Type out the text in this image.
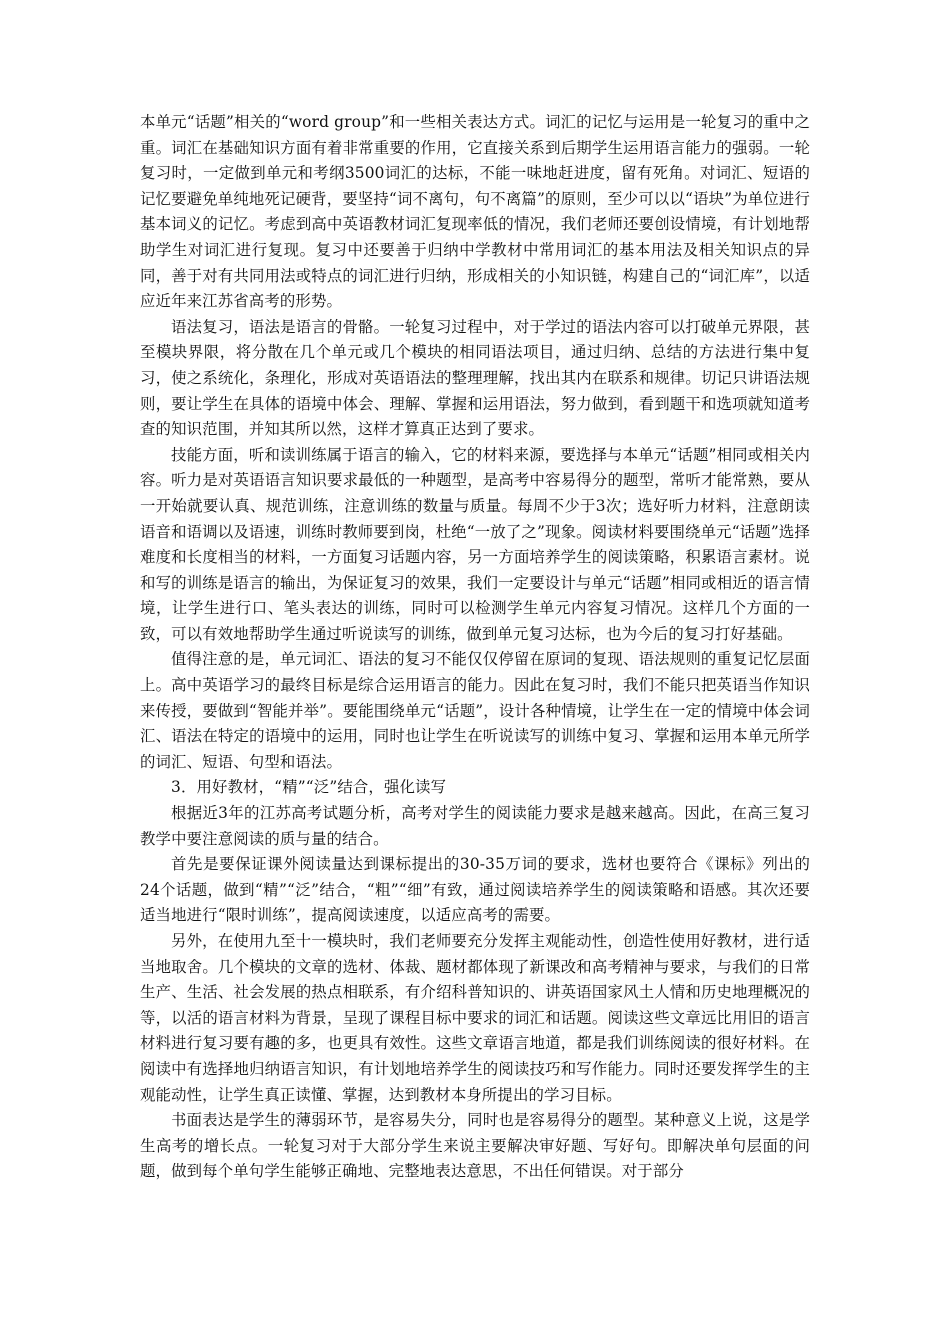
本单元“话题”相关的“word group”和一些相关表达方式。词汇的记忆与运用是一轮复习的重中之重。词汇在基础知识方面有着非常重要的作用，它直接关系到后期学生运用语言能力的强弱。一轮复习时，一定做到单元和考纲3500词汇的达标，不能一味地赶进度，留有死角。对词汇、短语的记忆要避免单纯地死记硬背，要坚持“词不离句，句不离篇”的原则，至少可以以“语块”为单位进行基本词义的记忆。考虑到高中英语教材词汇复现率低的情况，我们老师还要创设情境，有计划地帮助学生对词汇进行复现。复习中还要善于归纳中学教材中常用词汇的基本用法及相关知识点的异同，善于对有共同用法或特点的词汇进行归纳，形成相关的小知识链，构建自己的“词汇库”，以适应近年来江苏省高考的形势。

语法复习，语法是语言的骨骼。一轮复习过程中，对于学过的语法内容可以打破单元界限，甚至模块界限，将分散在几个单元或几个模块的相同语法项目，通过归纳、总结的方法进行集中复习，使之系统化，条理化，形成对英语语法的整理理解，找出其内在联系和规律。切记只讲语法规则，要让学生在具体的语境中体会、理解、掌握和运用语法，努力做到，看到题干和选项就知道考查的知识范围，并知其所以然，这样才算真正达到了要求。

技能方面，听和读训练属于语言的输入，它的材料来源，要选择与本单元“话题”相同或相关内容。听力是对英语语言知识要求最低的一种题型，是高考中容易得分的题型，常听才能常熟，要从一开始就要认真、规范训练，注意训练的数量与质量。每周不少于3次；选好听力材料，注意朗读语音和语调以及语速，训练时教师要到岗，杜绝“一放了之”现象。阅读材料要围绕单元“话题”选择难度和长度相当的材料，一方面复习话题内容，另一方面培养学生的阅读策略，积累语言素材。说和写的训练是语言的输出，为保证复习的效果，我们一定要设计与单元“话题”相同或相近的语言情境，让学生进行口、笔头表达的训练，同时可以检测学生单元内容复习情况。这样几个方面的一致，可以有效地帮助学生通过听说读写的训练，做到单元复习达标，也为今后的复习打好基础。

值得注意的是，单元词汇、语法的复习不能仅仅停留在原词的复现、语法规则的重复记忆层面上。高中英语学习的最终目标是综合运用语言的能力。因此在复习时，我们不能只把英语当作知识来传授，要做到“智能并举”。要能围绕单元“话题”，设计各种情境，让学生在一定的情境中体会词汇、语法在特定的语境中的运用，同时也让学生在听说读写的训练中复习、掌握和运用本单元所学的词汇、短语、句型和语法。

3．用好教材，“精”“泛”结合，强化读写

根据近3年的江苏高考试题分析，高考对学生的阅读能力要求是越来越高。因此，在高三复习教学中要注意阅读的质与量的结合。

首先是要保证课外阅读量达到课标提出的30-35万词的要求，选材也要符合《课标》列出的24个话题，做到“精”“泛”结合，“粗”“细”有致，通过阅读培养学生的阅读策略和语感。其次还要适当地进行“限时训练”，提高阅读速度，以适应高考的需要。

另外，在使用九至十一模块时，我们老师要充分发挥主观能动性，创造性使用好教材，进行适当地取舍。几个模块的文章的选材、体裁、题材都体现了新课改和高考精神与要求，与我们的日常生产、生活、社会发展的热点相联系，有介绍科普知识的、讲英语国家风土人情和历史地理概况的等，以活的语言材料为背景，呈现了课程目标中要求的词汇和话题。阅读这些文章远比用旧的语言材料进行复习要有趣的多，也更具有效性。这些文章语言地道，都是我们训练阅读的很好材料。在阅读中有选择地归纳语言知识，有计划地培养学生的阅读技巧和写作能力。同时还要发挥学生的主观能动性，让学生真正读懂、掌握，达到教材本身所提出的学习目标。

书面表达是学生的薄弱环节，是容易失分，同时也是容易得分的题型。某种意义上说，这是学生高考的增长点。一轮复习对于大部分学生来说主要解决审好题、写好句。即解决单句层面的问题，做到每个单句学生能够正确地、完整地表达意思，不出任何错误。对于部分
